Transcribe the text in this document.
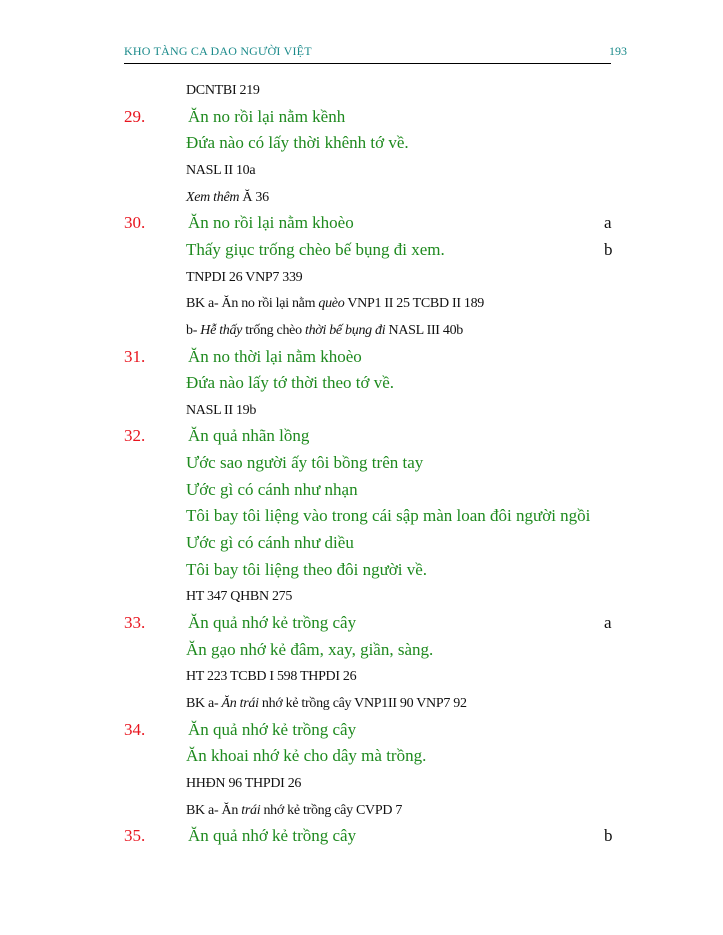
KHO TÀNG CA DAO NGƯỜI VIỆT	193
DCNTBI 219
29.	Ăn no rồi lại nằm kềnh
Đứa nào có lấy thời khênh tớ về.
NASL II 10a
Xem thêm Ă 36
30.	Ăn no rồi lại nằm khoèo	a
Thấy giục trống chèo bế bụng đi xem.	b
TNPDI 26 VNP7 339
BK a- Ăn no rồi lại nằm quèo VNP1 II 25 TCBD II 189
b- Hễ thấy trống chèo thời bế bụng đi NASL III 40b
31.	Ăn no thời lại nằm khoèo
Đứa nào lấy tớ thời theo tớ về.
NASL II 19b
32.	Ăn quả nhãn lồng
Ước sao người ấy tôi bồng trên tay
Ước gì có cánh như nhạn
Tôi bay tôi liệng vào trong cái sập màn loan đôi người ngồi
Ước gì có cánh như diều
Tôi bay tôi liệng theo đôi người về.
HT 347 QHBN 275
33.	Ăn quả nhớ kẻ trồng cây	a
Ăn gạo nhớ kẻ đâm, xay, giần, sàng.
HT 223 TCBD I 598 THPDI 26
BK a- Ăn trái nhớ kẻ trồng cây VNP1II 90 VNP7 92
34.	Ăn quả nhớ kẻ trồng cây
Ăn khoai nhớ kẻ cho dây mà trồng.
HHĐN 96 THPDI 26
BK a- Ăn trái nhớ kẻ trồng cây CVPD 7
35.	Ăn quả nhớ kẻ trồng cây	b
